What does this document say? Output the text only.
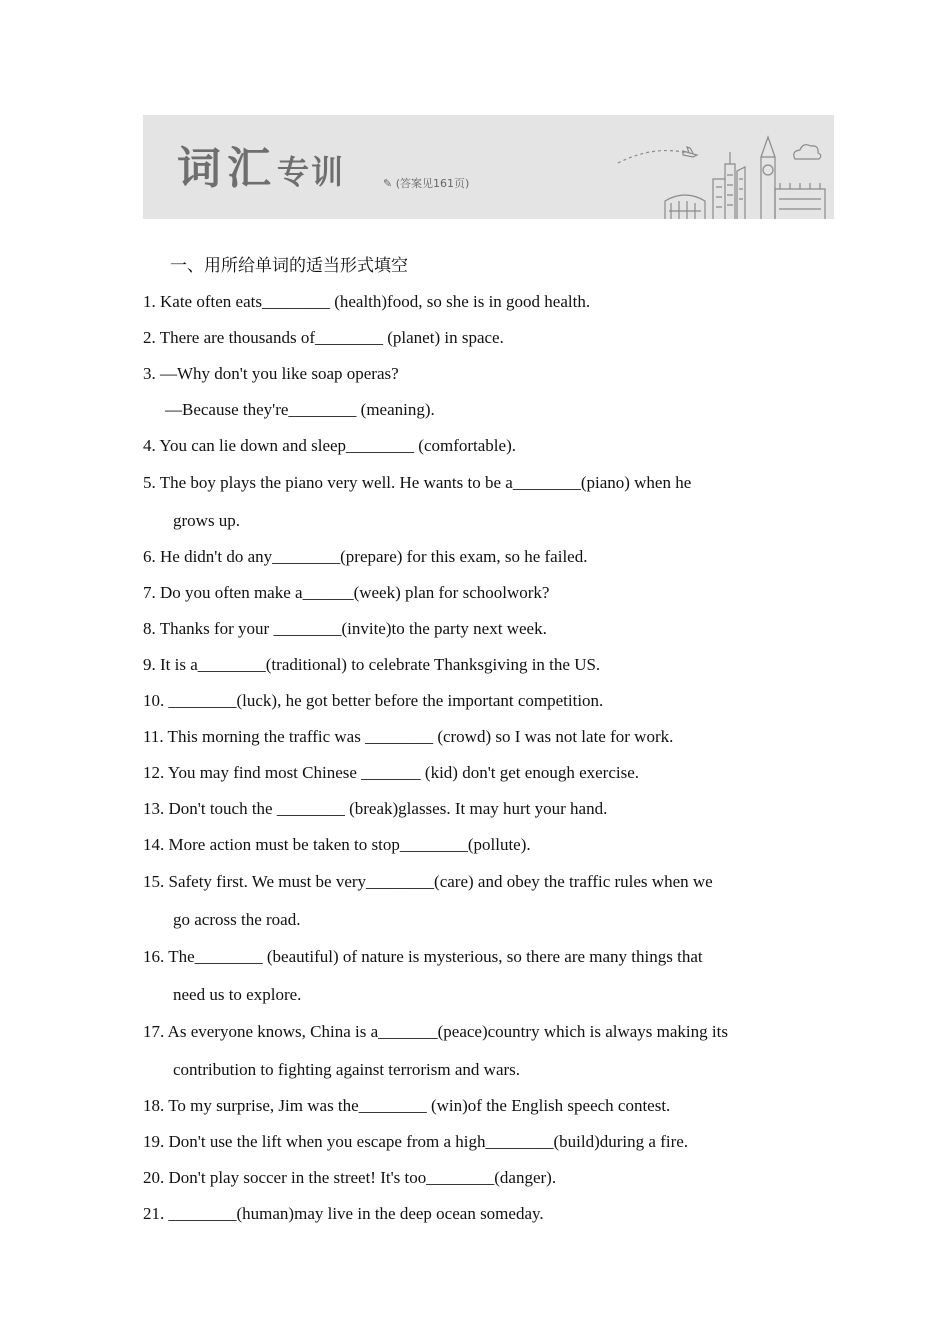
词汇专训	✎ (答案见161页)
一、用所给单词的适当形式填空
1. Kate often eats________ (health)food, so she is in good health.
2. There are thousands of________ (planet) in space.
3. —Why don't you like soap operas?
—Because they're________ (meaning).
4. You can lie down and sleep________ (comfortable).
5. The boy plays the piano very well. He wants to be a________(piano) when he
grows up.
6. He didn't do any________(prepare) for this exam, so he failed.
7. Do you often make a______(week) plan for schoolwork?
8. Thanks for your ________(invite)to the party next week.
9. It is a________(traditional) to celebrate Thanksgiving in the US.
10. ________(luck), he got better before the important competition.
11. This morning the traffic was ________ (crowd) so I was not late for work.
12. You may find most Chinese _______ (kid) don't get enough exercise.
13. Don't touch the ________ (break)glasses. It may hurt your hand.
14. More action must be taken to stop________(pollute).
15. Safety first. We must be very________(care) and obey the traffic rules when we
go across the road.
16. The________ (beautiful) of nature is mysterious, so there are many things that
need us to explore.
17. As everyone knows, China is a_______(peace)country which is always making its
contribution to fighting against terrorism and wars.
18. To my surprise, Jim was the________ (win)of the English speech contest.
19. Don't use the lift when you escape from a high________(build)during a fire.
20. Don't play soccer in the street! It's too________(danger).
21. ________(human)may live in the deep ocean someday.
